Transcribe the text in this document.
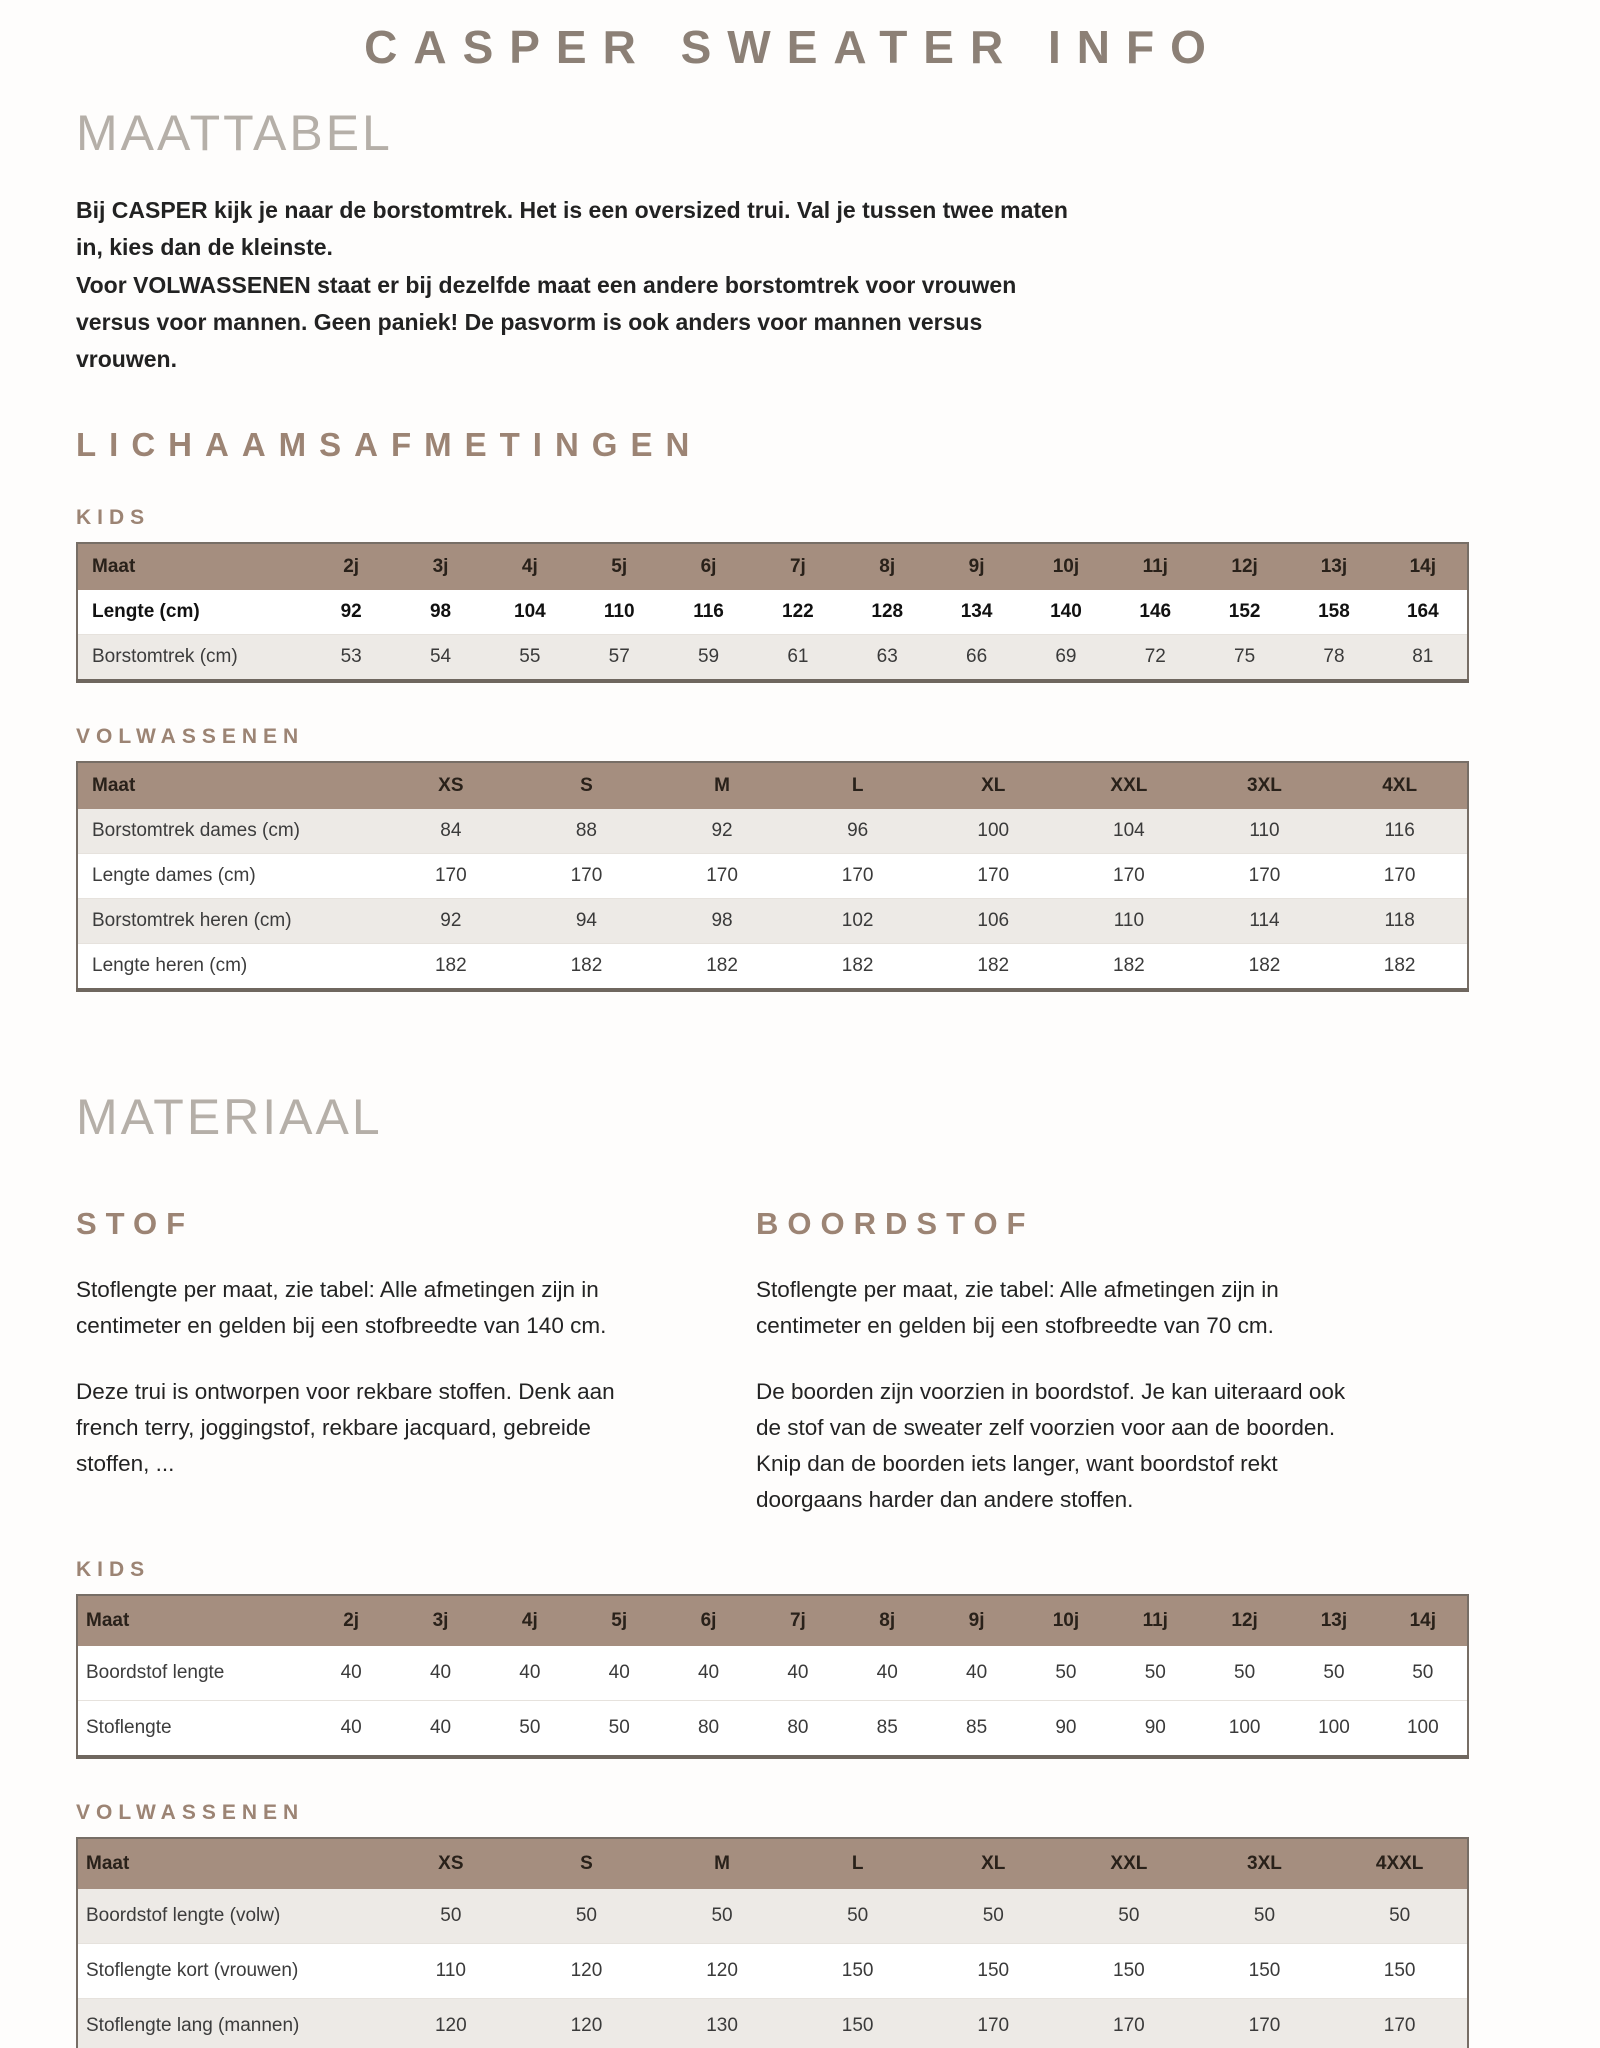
CASPER SWEATER INFO
MAATTABEL

Bij CASPER kijk je naar de borstomtrek. Het is een oversized trui. Val je tussen twee maten in, kies dan de kleinste.

Voor VOLWASSENEN staat er bij dezelfde maat een andere borstomtrek voor vrouwen versus voor mannen. Geen paniek! De pasvorm is ook anders voor mannen versus vrouwen.

LICHAAMSAFMETINGEN
KIDS
Maat	2j	3j	4j	5j	6j	7j	8j	9j	10j	11j	12j	13j	14j
Lengte (cm)	92	98	104	110	116	122	128	134	140	146	152	158	164
Borstomtrek (cm)	53	54	55	57	59	61	63	66	69	72	75	78	81
VOLWASSENEN
Maat	XS	S	M	L	XL	XXL	3XL	4XL
Borstomtrek dames (cm)	84	88	92	96	100	104	110	116
Lengte dames (cm)	170	170	170	170	170	170	170	170
Borstomtrek heren (cm)	92	94	98	102	106	110	114	118
Lengte heren (cm)	182	182	182	182	182	182	182	182
MATERIAAL
STOF

Stoflengte per maat, zie tabel: Alle afmetingen zijn in centimeter en gelden bij een stofbreedte van 140 cm.

Deze trui is ontworpen voor rekbare stoffen. Denk aan french terry, joggingstof, rekbare jacquard, gebreide stoffen, ...

BOORDSTOF

Stoflengte per maat, zie tabel: Alle afmetingen zijn in centimeter en gelden bij een stofbreedte van 70 cm.

De boorden zijn voorzien in boordstof. Je kan uiteraard ook de stof van de sweater zelf voorzien voor aan de boorden. Knip dan de boorden iets langer, want boordstof rekt doorgaans harder dan andere stoffen.

KIDS
Maat	2j	3j	4j	5j	6j	7j	8j	9j	10j	11j	12j	13j	14j
Boordstof lengte	40	40	40	40	40	40	40	40	50	50	50	50	50
Stoflengte	40	40	50	50	80	80	85	85	90	90	100	100	100
VOLWASSENEN
Maat	XS	S	M	L	XL	XXL	3XL	4XXL
Boordstof lengte (volw)	50	50	50	50	50	50	50	50
Stoflengte kort (vrouwen)	110	120	120	150	150	150	150	150
Stoflengte lang (mannen)	120	120	130	150	170	170	170	170
